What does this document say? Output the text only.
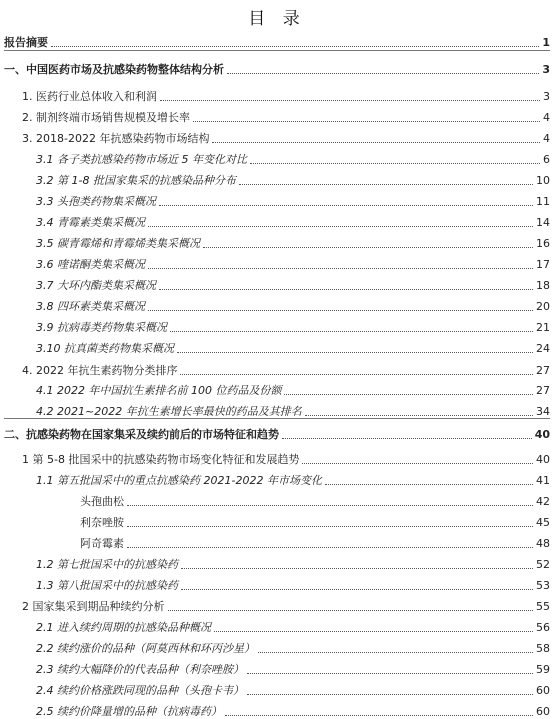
目 录
报告摘要	1
一、中国医药市场及抗感染药物整体结构分析	3
1. 医药行业总体收入和利润	3
2. 制剂终端市场销售规模及增长率	4
3. 2018-2022 年抗感染药物市场结构	4
3.1 各子类抗感染药物市场近 5 年变化对比	6
3.2 第 1-8 批国家集采的抗感染品种分布	10
3.3 头孢类药物集采概况	11
3.4 青霉素类集采概况	14
3.5 碳青霉烯和青霉烯类集采概况	16
3.6 喹诺酮类集采概况	17
3.7 大环内酯类集采概况	18
3.8 四环素类集采概况	20
3.9 抗病毒类药物集采概况	21
3.10 抗真菌类药物集采概况	24
4. 2022 年抗生素药物分类排序	27
4.1 2022 年中国抗生素排名前 100 位药品及份额	27
4.2 2021~2022 年抗生素增长率最快的药品及其排名	34
二、抗感染药物在国家集采及续约前后的市场特征和趋势	40
1 第 5-8 批国采中的抗感染药物市场变化特征和发展趋势	40
1.1 第五批国采中的重点抗感染药 2021-2022 年市场变化	41
头孢曲松	42
利奈唑胺	45
阿奇霉素	48
1.2 第七批国采中的抗感染药	52
1.3 第八批国采中的抗感染药	53
2 国家集采到期品种续约分析	55
2.1 进入续约周期的抗感染品种概况	56
2.2 续约涨价的品种（阿莫西林和环丙沙星）	58
2.3 续约大幅降价的代表品种（利奈唑胺）	59
2.4 续约价格涨跌同现的品种（头孢卡韦）	60
2.5 续约价降量增的品种（抗病毒药）	60
